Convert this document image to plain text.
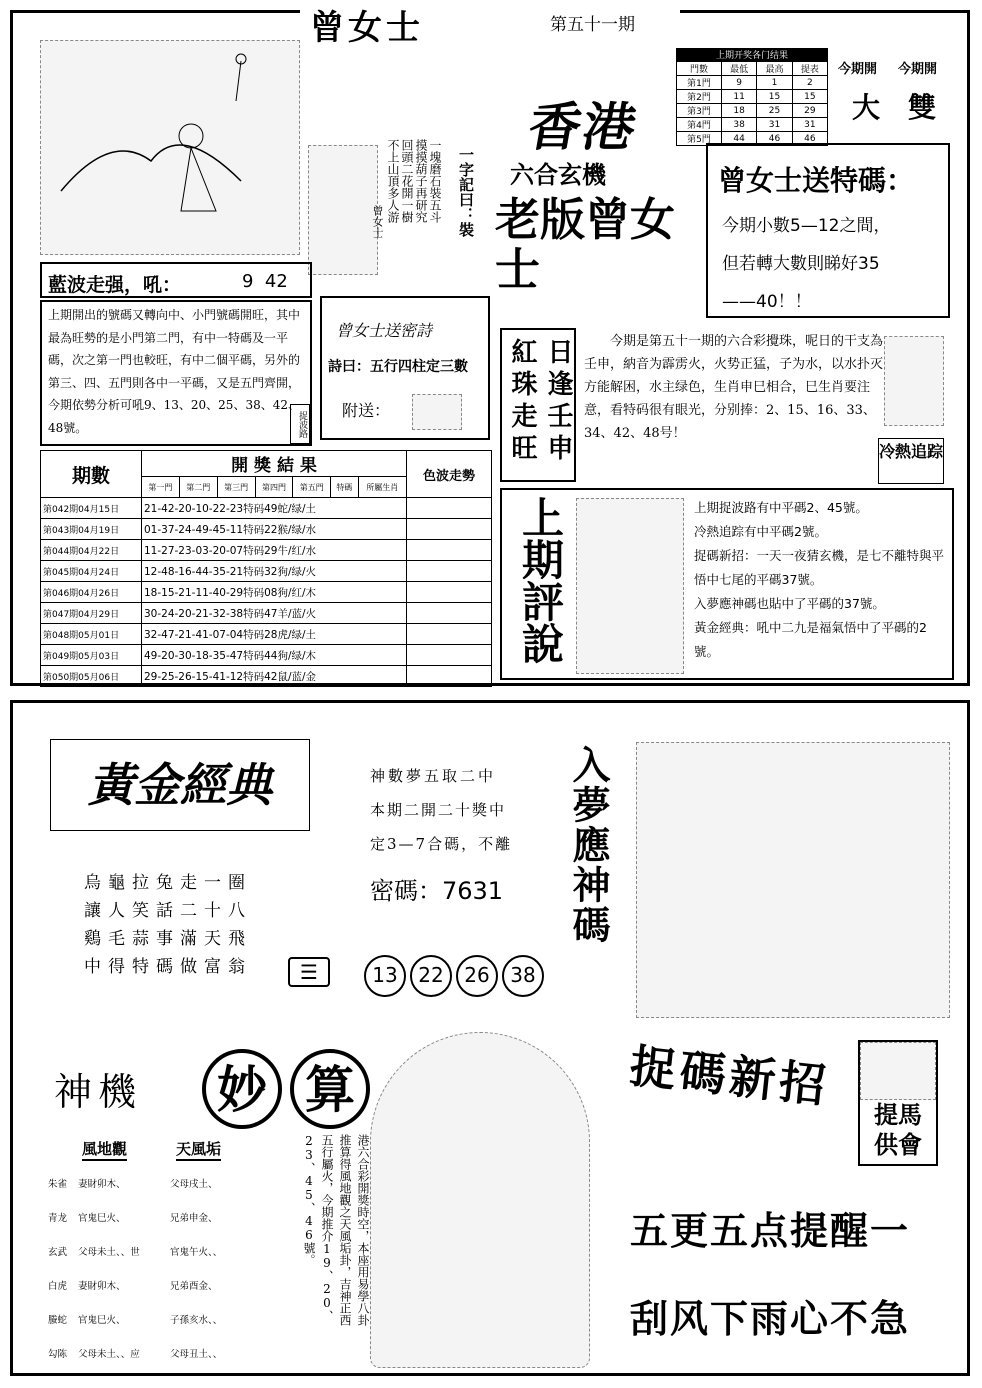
曾女士	第五十一期
一塊磨石裝五斗
摸摸葫子再研究
回頭二花開一樹
不上山頂多人游
曾女士	一字記曰：裝
香港
六合玄機
老版曾女士
上期开奖各门结果
門數	最低	最高	提表
第1門	9	1	2
第2門	11	15	15
第3門	18	25	29
第4門	38	31	31
第5門	44	46	46
今期開 今期開
大 雙
曾女士送特碼：
今期小數5—12之間，
但若轉大數則睇好35
——40！！
藍波走强，吼：	9  42
上期開出的號碼又轉向中、小門號碼開旺，其中最為旺勢的是小門第二門，有中一特碼及一平碼，次之第一門也較旺，有中二個平碼，另外的第三、四、五門則各中一平碼，又是五門齊開，今期依勢分析可吼9、13、20、25、38、42、48號。	捉波路
曾女士送密詩
詩曰：五行四柱定三數
附送：	紅珠走旺 日逢壬申	今期是第五十一期的六合彩攪珠，呢日的干支為壬申，納音为霹雳火，火势正猛，子为水，以水扑灭方能解困，水主绿色，生肖申巳相合，巳生肖要注意，看特码很有眼光，分别捧：2、15、16、33、34、42、48号！
冷熱追踪
期數	開 獎 結 果							色波走勢
	第一門	第二門	第三門	第四門	第五門	特碼	所屬生肖	
第042期04月15日	21-42-20-10-22-23特码49蛇/绿/土							
第043期04月19日	01-37-24-49-45-11特码22猴/绿/水							
第044期04月22日	11-27-23-03-20-07特码29牛/红/水							
第045期04月24日	12-48-16-44-35-21特码32狗/绿/火							
第046期04月26日	18-15-21-11-40-29特码08狗/红/木							
第047期04月29日	30-24-20-21-32-38特码47羊/蓝/火							
第048期05月01日	32-47-21-41-07-04特码28虎/绿/土							
第049期05月03日	49-20-30-18-35-47特码44狗/绿/木							
第050期05月06日	29-25-26-15-41-12特码42鼠/蓝/金							
上期評說	上期捉波路有中平碼2、45號。
冷熱追踪有中平碼2號。
捉碼新招：一天一夜猜玄機，是七不離特與平悟中七尾的平碼37號。
入夢應神碼也貼中了平碼的37號。
黃金經典：吼中二九是福氣悟中了平碼的2號。
黃金經典
烏龜拉兔走一圈
讓人笑話二十八
鷄毛蒜事滿天飛
中得特碼做富翁	☰
神數夢五取二中
本期二開二十獎中
定3—7合碼，不離
密碼：7631
13 22 26 38
入夢應神碼
神機	妙 算
風地觀	天風垢
朱雀 妻財卯木、	父母戌土、
青龙 官鬼巳火、	兄弟申金、
玄武 父母未土、、世	官鬼午火、、
白虎 妻財卯木、	兄弟酉金、
螣蛇 官鬼巳火、	子孫亥水、、
勾陈 父母未土、、应	父母丑土、、
港六合彩開獎時空，本座用易學八卦推算得風地觀之天風垢卦，吉神正西五行屬火，今期推介19、20、23、45、46號。
捉碼新招
提馬供會
五更五点提醒一
刮风下雨心不急
